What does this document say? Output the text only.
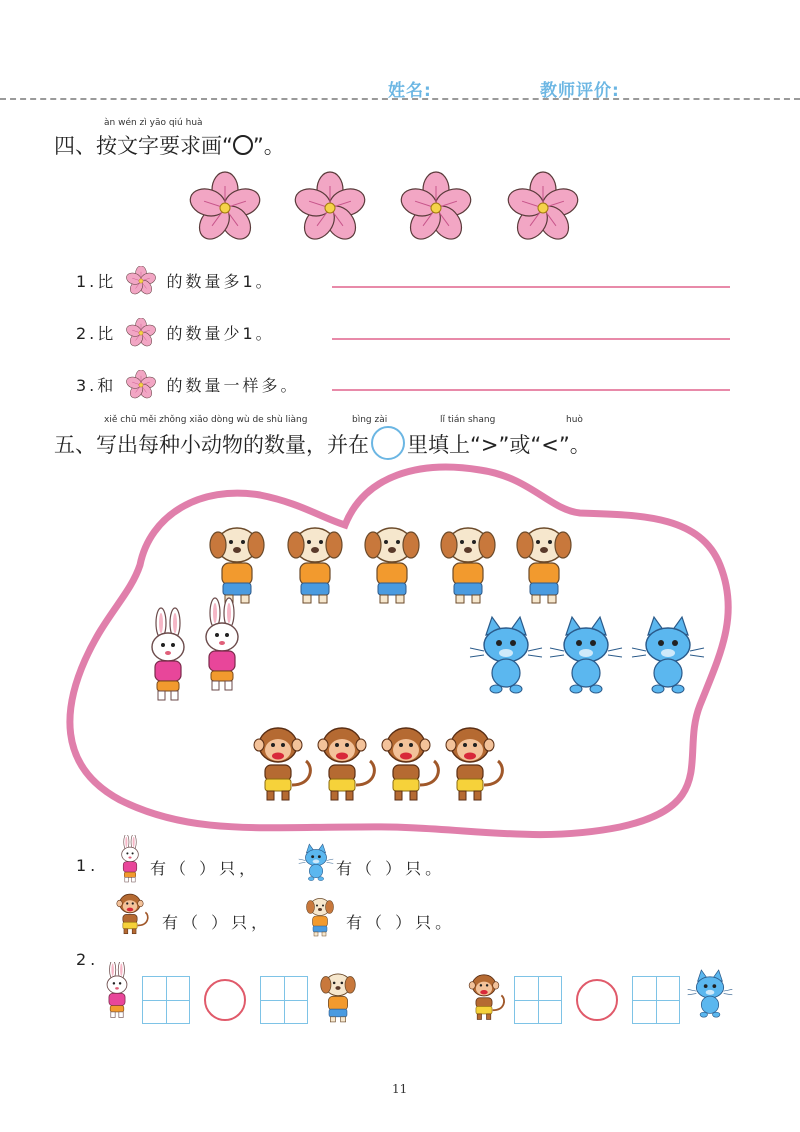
姓名:	教师评价:
àn wén zì yāo qiú huà
四、按文字要求画“ ”。
1.比	的数量多1。
2.比	的数量少1。
3.和	的数量一样多。
xiě chū měi zhǒng xiǎo dòng wù de shù liàng	bìng zài	lǐ tián shang	huò
五、写出每种小动物的数量，并在 里填上“>”或“<”。
1.	有（ ）只，	有（ ）只。
有（ ）只，	有（ ）只。
2.
11
